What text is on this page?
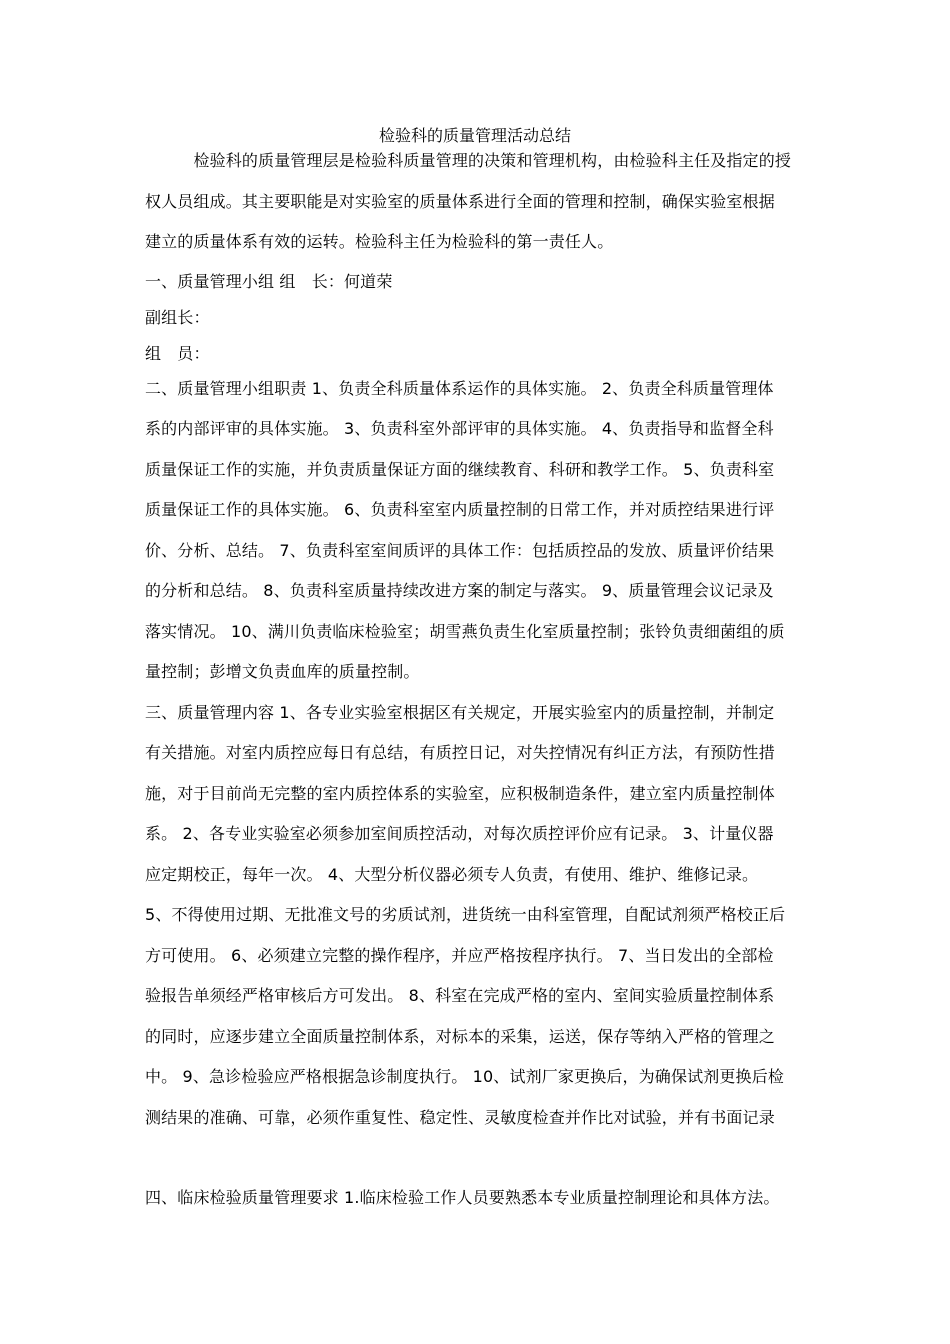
检验科的质量管理活动总结
　　　检验科的质量管理层是检验科质量管理的决策和管理机构，由检验科主任及指定的授
权人员组成。其主要职能是对实验室的质量体系进行全面的管理和控制，确保实验室根据
建立的质量体系有效的运转。检验科主任为检验科的第一责任人。
一、质量管理小组 组　长：何道荣
副组长：
组　员：
二、质量管理小组职责 1、负责全科质量体系运作的具体实施。 2、负责全科质量管理体
系的内部评审的具体实施。 3、负责科室外部评审的具体实施。 4、负责指导和监督全科
质量保证工作的实施，并负责质量保证方面的继续教育、科研和教学工作。 5、负责科室
质量保证工作的具体实施。 6、负责科室室内质量控制的日常工作，并对质控结果进行评
价、分析、总结。 7、负责科室室间质评的具体工作：包括质控品的发放、质量评价结果
的分析和总结。 8、负责科室质量持续改进方案的制定与落实。 9、质量管理会议记录及
落实情况。 10、满川负责临床检验室；胡雪燕负责生化室质量控制；张铃负责细菌组的质
量控制；彭增文负责血库的质量控制。
三、质量管理内容 1、各专业实验室根据区有关规定，开展实验室内的质量控制，并制定
有关措施。对室内质控应每日有总结，有质控日记，对失控情况有纠正方法，有预防性措
施，对于目前尚无完整的室内质控体系的实验室，应积极制造条件，建立室内质量控制体
系。 2、各专业实验室必须参加室间质控活动，对每次质控评价应有记录。 3、计量仪器
应定期校正，每年一次。 4、大型分析仪器必须专人负责，有使用、维护、维修记录。
5、不得使用过期、无批准文号的劣质试剂，进货统一由科室管理，自配试剂须严格校正后
方可使用。 6、必须建立完整的操作程序，并应严格按程序执行。 7、当日发出的全部检
验报告单须经严格审核后方可发出。 8、科室在完成严格的室内、室间实验质量控制体系
的同时，应逐步建立全面质量控制体系，对标本的采集，运送，保存等纳入严格的管理之
中。 9、急诊检验应严格根据急诊制度执行。 10、试剂厂家更换后，为确保试剂更换后检
测结果的准确、可靠，必须作重复性、稳定性、灵敏度检查并作比对试验，并有书面记录
四、临床检验质量管理要求 1.临床检验工作人员要熟悉本专业质量控制理论和具体方法。
